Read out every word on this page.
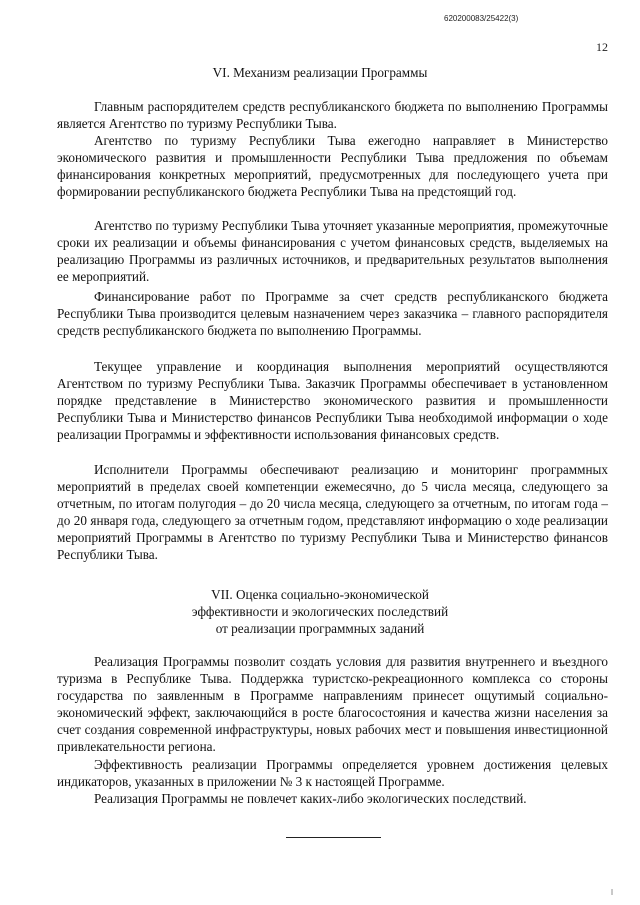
620200083/25422(3)
12
VI. Механизм реализации Программы

Главным распорядителем средств республиканского бюджета по выполнению Программы является Агентство по туризму Республики Тыва.

Агентство по туризму Республики Тыва ежегодно направляет в Министерство экономического развития и промышленности Республики Тыва предложения по объемам финансирования конкретных мероприятий, предусмотренных для последующего учета при формировании республиканского бюджета Республики Тыва на предстоящий год.

Агентство по туризму Республики Тыва уточняет указанные мероприятия, промежуточные сроки их реализации и объемы финансирования с учетом финансовых средств, выделяемых на реализацию Программы из различных источников, и предварительных результатов выполнения ее мероприятий.

Финансирование работ по Программе за счет средств республиканского бюджета Республики Тыва производится целевым назначением через заказчика – главного распорядителя средств республиканского бюджета по выполнению Программы.

Текущее управление и координация выполнения мероприятий осуществляются Агентством по туризму Республики Тыва. Заказчик Программы обеспечивает в установленном порядке представление в Министерство экономического развития и промышленности Республики Тыва и Министерство финансов Республики Тыва необходимой информации о ходе реализации Программы и эффективности использования финансовых средств.

Исполнители Программы обеспечивают реализацию и мониторинг программных мероприятий в пределах своей компетенции ежемесячно, до 5 числа месяца, следующего за отчетным, по итогам полугодия – до 20 числа месяца, следующего за отчетным, по итогам года – до 20 января года, следующего за отчетным годом, представляют информацию о ходе реализации мероприятий Программы в Агентство по туризму Республики Тыва и Министерство финансов Республики Тыва.

VII. Оценка социально-экономической
эффективности и экологических последствий
от реализации программных заданий

Реализация Программы позволит создать условия для развития внутреннего и въездного туризма в Республике Тыва. Поддержка туристско-рекреационного комплекса со стороны государства по заявленным в Программе направлениям принесет ощутимый социально-экономический эффект, заключающийся в росте благосостояния и качества жизни населения за счет создания современной инфраструктуры, новых рабочих мест и повышения инвестиционной привлекательности региона.

Эффективность реализации Программы определяется уровнем достижения целевых индикаторов, указанных в приложении № 3 к настоящей Программе.

Реализация Программы не повлечет каких-либо экологических последствий.

ǁ
